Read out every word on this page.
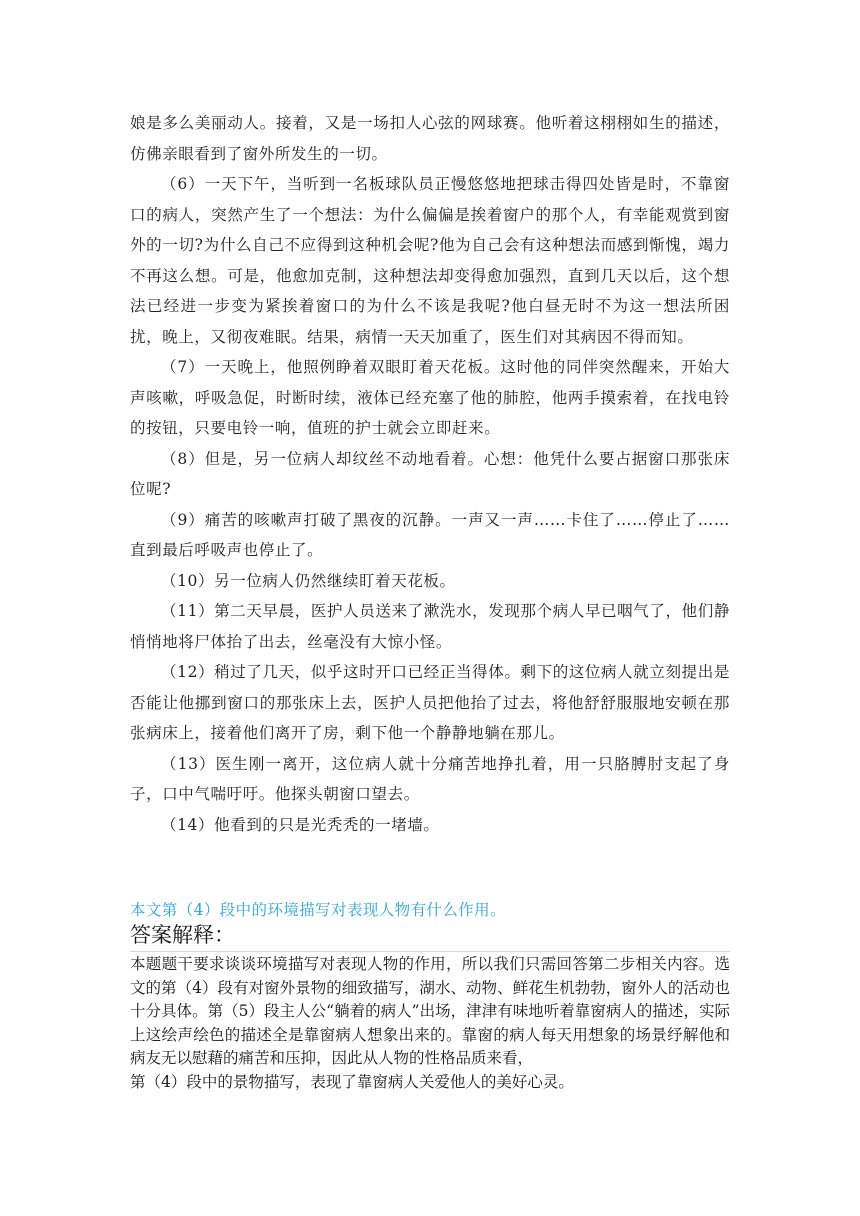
娘是多么美丽动人。接着，又是一场扣人心弦的网球赛。他听着这栩栩如生的描述，仿佛亲眼看到了窗外所发生的一切。

（6）一天下午，当听到一名板球队员正慢悠悠地把球击得四处皆是时，不靠窗口的病人，突然产生了一个想法：为什么偏偏是挨着窗户的那个人，有幸能观赏到窗外的一切?为什么自己不应得到这种机会呢?他为自己会有这种想法而感到惭愧，竭力不再这么想。可是，他愈加克制，这种想法却变得愈加强烈，直到几天以后，这个想法已经进一步变为紧挨着窗口的为什么不该是我呢?他白昼无时不为这一想法所困扰，晚上，又彻夜难眠。结果，病情一天天加重了，医生们对其病因不得而知。

（7）一天晚上，他照例睁着双眼盯着天花板。这时他的同伴突然醒来，开始大声咳嗽，呼吸急促，时断时续，液体已经充塞了他的肺腔，他两手摸索着，在找电铃的按钮，只要电铃一响，值班的护士就会立即赶来。

（8）但是，另一位病人却纹丝不动地看着。心想：他凭什么要占据窗口那张床位呢?

（9）痛苦的咳嗽声打破了黑夜的沉静。一声又一声……卡住了……停止了……直到最后呼吸声也停止了。

（10）另一位病人仍然继续盯着天花板。

（11）第二天早晨，医护人员送来了漱洗水，发现那个病人早已咽气了，他们静悄悄地将尸体抬了出去，丝毫没有大惊小怪。

（12）稍过了几天，似乎这时开口已经正当得体。剩下的这位病人就立刻提出是否能让他挪到窗口的那张床上去，医护人员把他抬了过去，将他舒舒服服地安顿在那张病床上，接着他们离开了房，剩下他一个静静地躺在那儿。

（13）医生刚一离开，这位病人就十分痛苦地挣扎着，用一只胳膊肘支起了身子，口中气喘吁吁。他探头朝窗口望去。

（14）他看到的只是光秃秃的一堵墙。

本文第（4）段中的环境描写对表现人物有什么作用。
答案解释：

本题题干要求谈谈环境描写对表现人物的作用，所以我们只需回答第二步相关内容。选文的第（4）段有对窗外景物的细致描写，湖水、动物、鲜花生机勃勃，窗外人的活动也十分具体。第（5）段主人公“躺着的病人”出场，津津有味地听着靠窗病人的描述，实际上这绘声绘色的描述全是靠窗病人想象出来的。靠窗的病人每天用想象的场景纾解他和病友无以慰藉的痛苦和压抑，因此从人物的性格品质来看，

第（4）段中的景物描写，表现了靠窗病人关爱他人的美好心灵。
